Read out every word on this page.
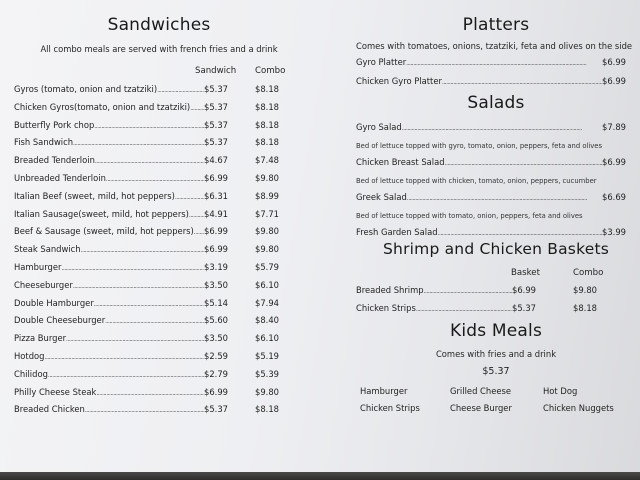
Sandwiches
All combo meals are served with french fries and a drink
Sandwich Combo
Gyros (tomato, onion and tzatziki) .....	$5.37	$8.18
Chicken Gyros(tomato, onion and tzatziki) ..... $5.37	$8.18
Butterfly Pork chop .....	$5.37	$8.18
Fish Sandwich .....	$5.37	$8.18
Breaded Tenderloin .....	$4.67	$7.48
Unbreaded Tenderloin .....	$6.99	$9.80
Italian Beef (sweet, mild, hot peppers) .....	$6.31	$8.99
Italian Sausage(sweet, mild, hot peppers) ..... $4.91	$7.71
Beef & Sausage (sweet, mild, hot peppers) ..... $6.99	$9.80
Steak Sandwich .....	$6.99	$9.80
Hamburger .....	$3.19	$5.79
Cheeseburger .....	$3.50	$6.10
Double Hamburger .....	$5.14	$7.94
Double Cheeseburger .....	$5.60	$8.40
Pizza Burger .....	$3.50	$6.10
Hotdog .....	$2.59	$5.19
Chilidog .....	$2.79	$5.39
Philly Cheese Steak .....	$6.99	$9.80
Breaded Chicken .....	$5.37	$8.18
Platters
Comes with tomatoes, onions, tzatziki, feta and olives on the side
Gyro Platter .....	$6.99
Chicken Gyro Platter .....	$6.99
Salads
Gyro Salad .....	$7.89
Bed of lettuce topped with gyro, tomato, onion, peppers, feta and olives
Chicken Breast Salad .....	$6.99
Bed of lettuce topped with chicken, tomato, onion, peppers, cucumber
Greek Salad .....	$6.69
Bed of lettuce topped with tomato, onion, peppers, feta and olives
Fresh Garden Salad .....	$3.99
Shrimp and Chicken Baskets
Basket	Combo
Breaded Shrimp .....	$6.99	$9.80
Chicken Strips .....	$5.37	$8.18
Kids Meals
Comes with fries and a drink
$5.37
Hamburger	Grilled Cheese	Hot Dog
Chicken Strips	Cheese Burger	Chicken Nuggets
